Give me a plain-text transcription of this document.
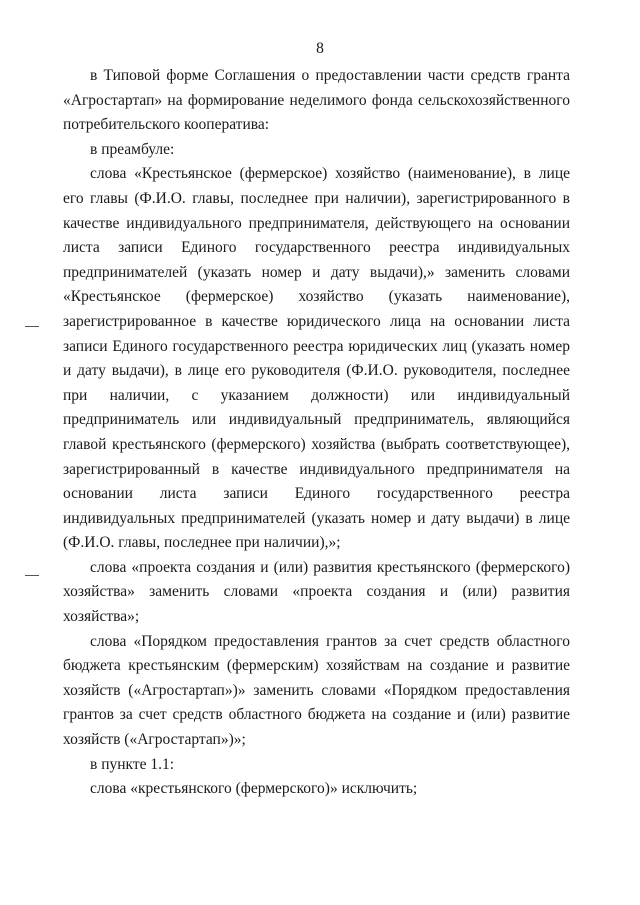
8

в Типовой форме Соглашения о предоставлении части средств гранта «Агростартап» на формирование неделимого фонда сельскохозяйственного потребительского кооператива:

в преамбуле:

слова «Крестьянское (фермерское) хозяйство (наименование), в лице его главы (Ф.И.О. главы, последнее при наличии), зарегистрированного в качестве индивидуального предпринимателя, действующего на основании листа записи Единого государственного реестра индивидуальных предпринимателей (указать номер и дату выдачи),» заменить словами «Крестьянское (фермерское) хозяйство (указать наименование), зарегистрированное в качестве юридического лица на основании листа записи Единого государственного реестра юридических лиц (указать номер и дату выдачи), в лице его руководителя (Ф.И.О. руководителя, последнее при наличии, с указанием должности) или индивидуальный предприниматель или индивидуальный предприниматель, являющийся главой крестьянского (фермерского) хозяйства (выбрать соответствующее), зарегистрированный в качестве индивидуального предпринимателя на основании листа записи Единого государственного реестра индивидуальных предпринимателей (указать номер и дату выдачи) в лице (Ф.И.О. главы, последнее при наличии),»;

слова «проекта создания и (или) развития крестьянского (фермерского) хозяйства» заменить словами «проекта создания и (или) развития хозяйства»;

слова «Порядком предоставления грантов за счет средств областного бюджета крестьянским (фермерским) хозяйствам на создание и развитие хозяйств («Агростартап»)» заменить словами «Порядком предоставления грантов за счет средств областного бюджета на создание и (или) развитие хозяйств («Агростартап»)»;

в пункте 1.1:

слова «крестьянского (фермерского)» исключить;
